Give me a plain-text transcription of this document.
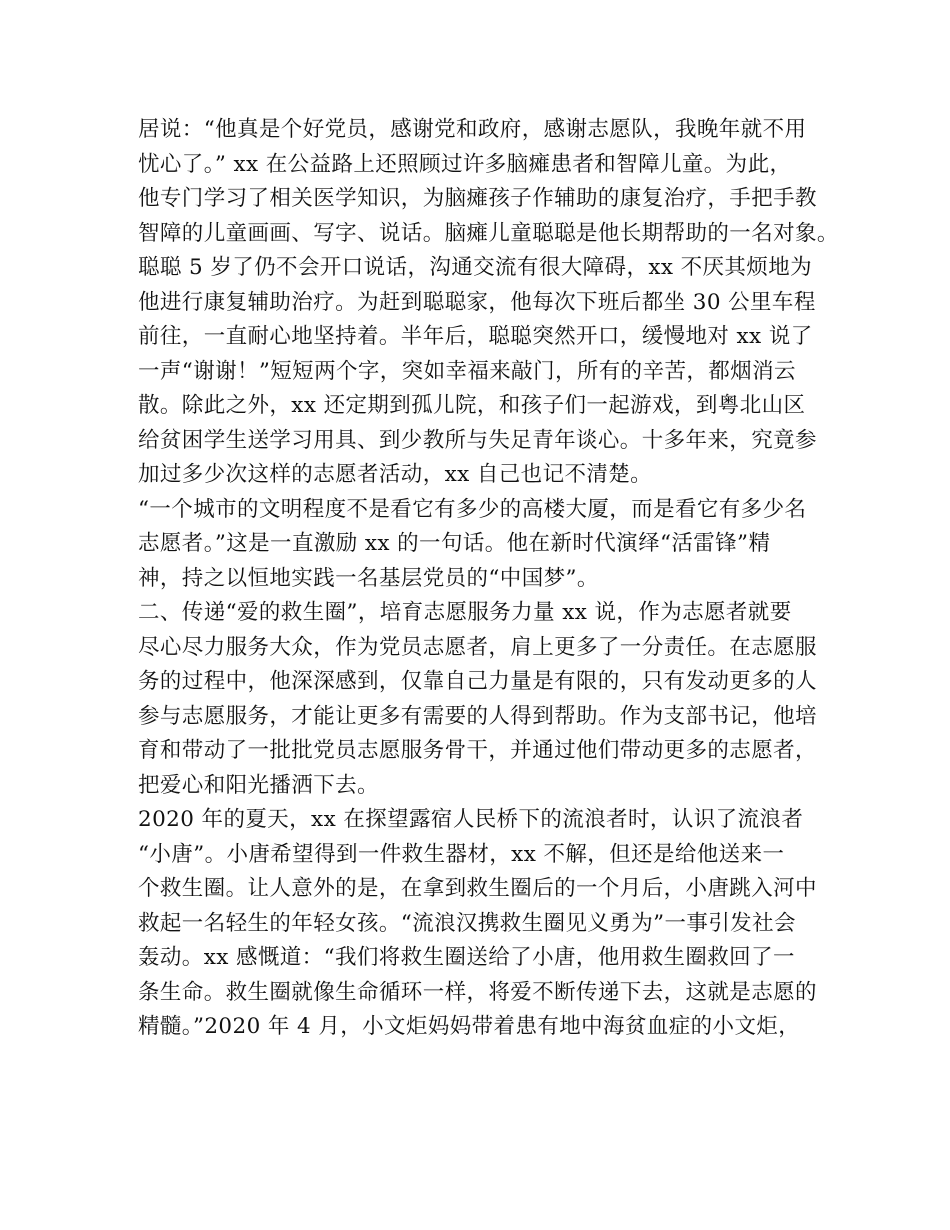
居说：“他真是个好党员，感谢党和政府，感谢志愿队，我晚年就不用
忧心了。” xx 在公益路上还照顾过许多脑瘫患者和智障儿童。为此，
他专门学习了相关医学知识，为脑瘫孩子作辅助的康复治疗，手把手教
智障的儿童画画、写字、说话。脑瘫儿童聪聪是他长期帮助的一名对象。
聪聪 5 岁了仍不会开口说话，沟通交流有很大障碍，xx 不厌其烦地为
他进行康复辅助治疗。为赶到聪聪家，他每次下班后都坐 30 公里车程
前往，一直耐心地坚持着。半年后，聪聪突然开口，缓慢地对 xx 说了
一声“谢谢！”短短两个字，突如幸福来敲门，所有的辛苦，都烟消云
散。除此之外，xx 还定期到孤儿院，和孩子们一起游戏，到粤北山区
给贫困学生送学习用具、到少教所与失足青年谈心。十多年来，究竟参
加过多少次这样的志愿者活动，xx 自己也记不清楚。
“一个城市的文明程度不是看它有多少的高楼大厦，而是看它有多少名
志愿者。”这是一直激励 xx 的一句话。他在新时代演绎“活雷锋”精
神，持之以恒地实践一名基层党员的“中国梦”。
二、传递“爱的救生圈”，培育志愿服务力量 xx 说，作为志愿者就要
尽心尽力服务大众，作为党员志愿者，肩上更多了一分责任。在志愿服
务的过程中，他深深感到，仅靠自己力量是有限的，只有发动更多的人
参与志愿服务，才能让更多有需要的人得到帮助。作为支部书记，他培
育和带动了一批批党员志愿服务骨干，并通过他们带动更多的志愿者，
把爱心和阳光播洒下去。
2020 年的夏天，xx 在探望露宿人民桥下的流浪者时，认识了流浪者
“小唐”。小唐希望得到一件救生器材，xx 不解，但还是给他送来一
个救生圈。让人意外的是，在拿到救生圈后的一个月后，小唐跳入河中
救起一名轻生的年轻女孩。“流浪汉携救生圈见义勇为”一事引发社会
轰动。xx 感慨道：“我们将救生圈送给了小唐，他用救生圈救回了一
条生命。救生圈就像生命循环一样，将爱不断传递下去，这就是志愿的
精髓。”2020 年 4 月，小文炬妈妈带着患有地中海贫血症的小文炬，
